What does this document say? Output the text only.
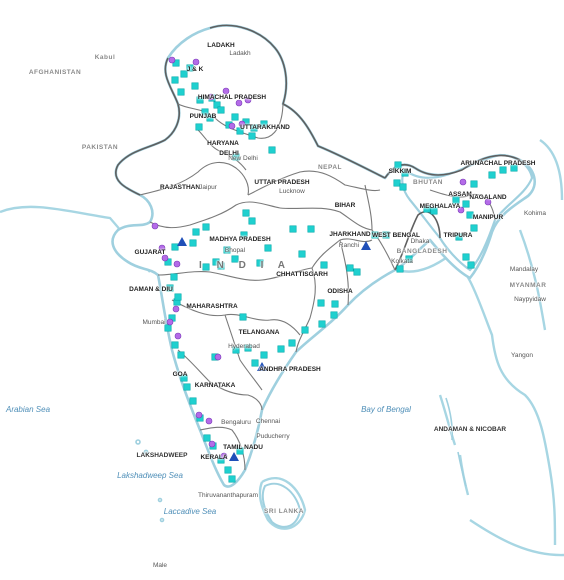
Kabul
AFGHANISTAN
PAKISTAN
NEPAL
BHUTAN
BANGLADESH
MYANMAR
SRI LANKA
I N D I A
LADAKH
Ladakh
J & K
HIMACHAL PRADESH
PUNJAB
UTTARAKHAND
HARYANA
DELHI
New Delhi
RAJASTHAN Jaipur
UTTAR PRADESH
Lucknow
BIHAR
SIKKIM
ARUNACHAL PRADESH
ASSAM
NAGALAND
Kohima
MEGHALAYA
MANIPUR
TRIPURA
JHARKHAND
Ranchi
WEST BENGAL
Kolkata
Dhaka
GUJARAT
MADHYA PRADESH
Bhopal
CHHATTISGARH
ODISHA
DAMAN & DIU
MAHARASHTRA
Mumbai
TELANGANA
Hyderabad
ANDHRA PRADESH
GOA
KARNATAKA
Chennai
Bengaluru
Puducherry
KERALA
TAMIL NADU
Thiruvananthapuram
LAKSHADWEEP
ANDAMAN & NICOBAR
Arabian Sea	Bay of Bengal
Lakshadweep Sea
Laccadive Sea
Male
Mandalay
Naypyidaw
Yangon
